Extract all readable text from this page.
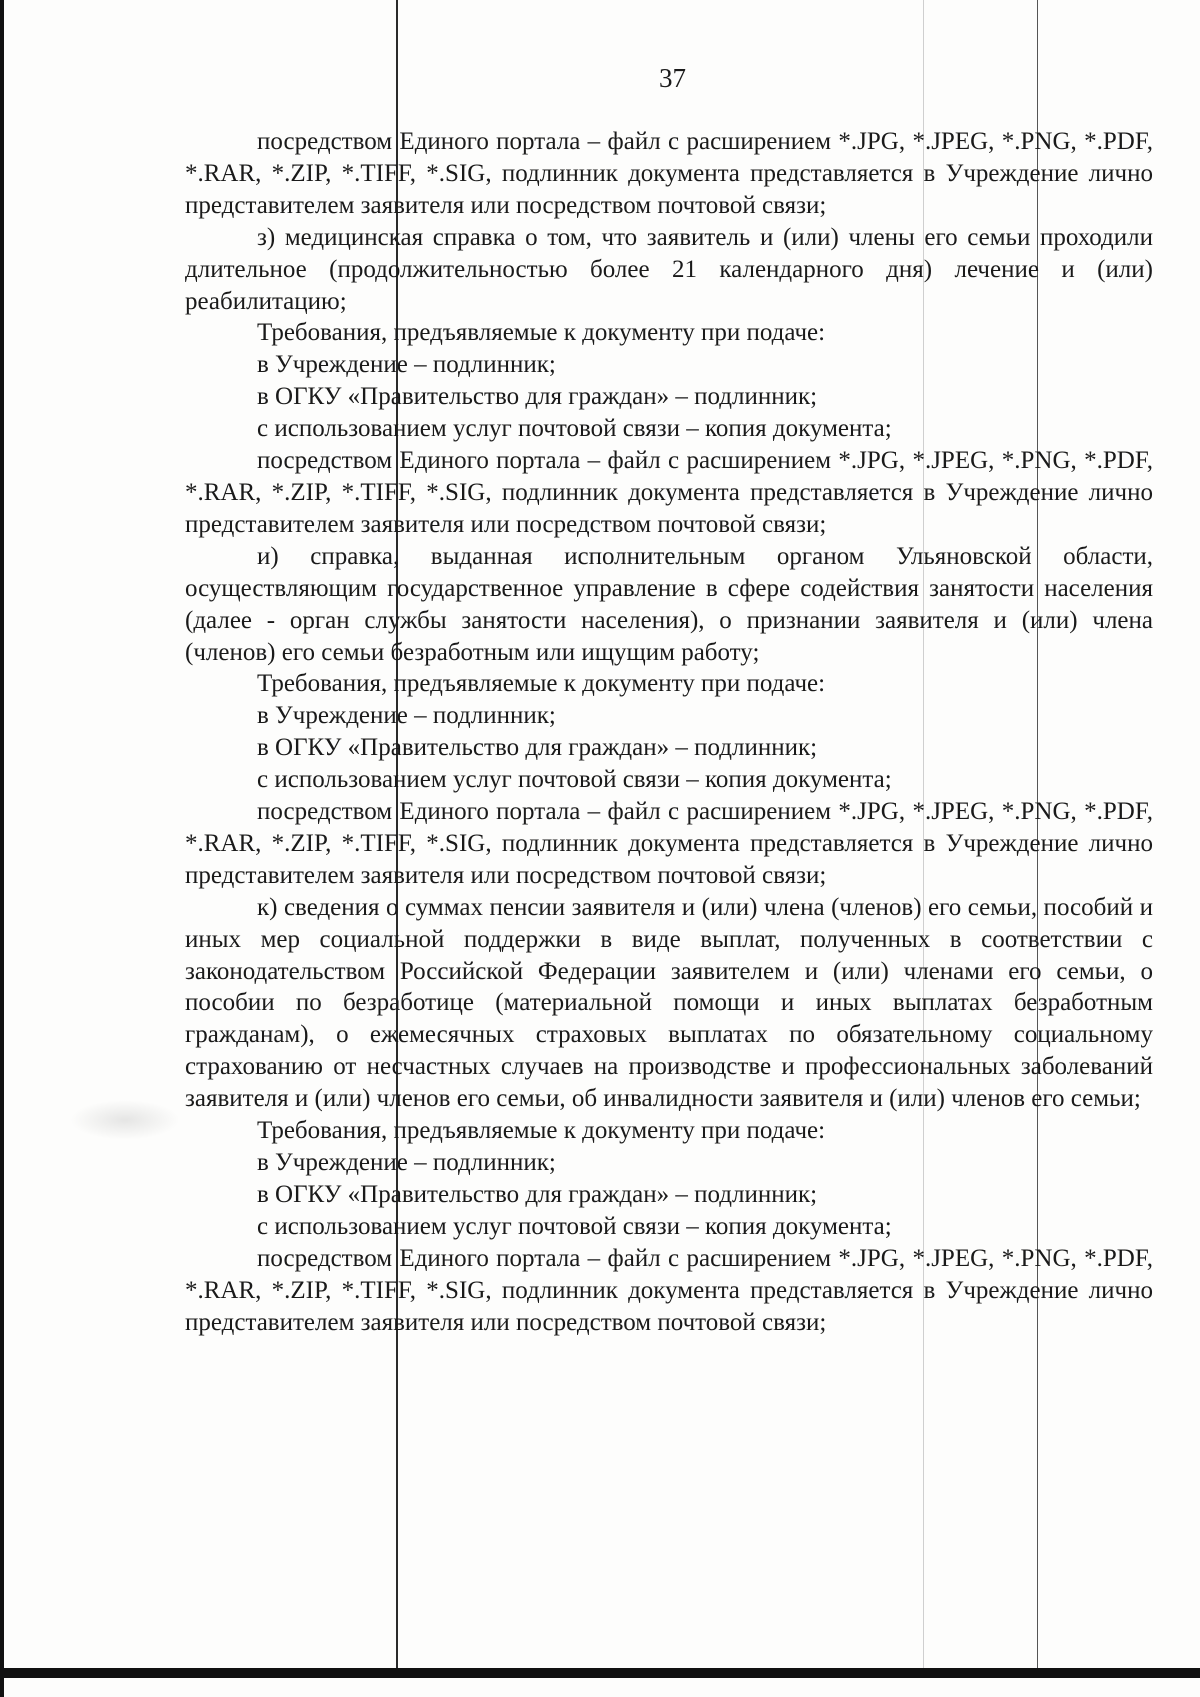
37

посредством Единого портала – файл с расширением *.JPG, *.JPEG, *.PNG, *.PDF, *.RAR, *.ZIP, *.TIFF, *.SIG, подлинник документа представляется в Учреждение лично представителем заявителя или посредством почтовой связи;

з) медицинская справка о том, что заявитель и (или) члены его семьи проходили длительное (продолжительностью более 21 календарного дня) лечение и (или) реабилитацию;

Требования, предъявляемые к документу при подаче:

в Учреждение – подлинник;

в ОГКУ «Правительство для граждан» – подлинник;

с использованием услуг почтовой связи – копия документа;

посредством Единого портала – файл с расширением *.JPG, *.JPEG, *.PNG, *.PDF, *.RAR, *.ZIP, *.TIFF, *.SIG, подлинник документа представляется в Учреждение лично представителем заявителя или посредством почтовой связи;

и) справка, выданная исполнительным органом Ульяновской области, осуществляющим государственное управление в сфере содействия занятости населения (далее - орган службы занятости населения), о признании заявителя и (или) члена (членов) его семьи безработным или ищущим работу;

Требования, предъявляемые к документу при подаче:

в Учреждение – подлинник;

в ОГКУ «Правительство для граждан» – подлинник;

с использованием услуг почтовой связи – копия документа;

посредством Единого портала – файл с расширением *.JPG, *.JPEG, *.PNG, *.PDF, *.RAR, *.ZIP, *.TIFF, *.SIG, подлинник документа представляется в Учреждение лично представителем заявителя или посредством почтовой связи;

к) сведения о суммах пенсии заявителя и (или) члена (членов) его семьи, пособий и иных мер социальной поддержки в виде выплат, полученных в соответствии с законодательством Российской Федерации заявителем и (или) членами его семьи, о пособии по безработице (материальной помощи и иных выплатах безработным гражданам), о ежемесячных страховых выплатах по обязательному социальному страхованию от несчастных случаев на производстве и профессиональных заболеваний заявителя и (или) членов его семьи, об инвалидности заявителя и (или) членов его семьи;

Требования, предъявляемые к документу при подаче:

в Учреждение – подлинник;

в ОГКУ «Правительство для граждан» – подлинник;

с использованием услуг почтовой связи – копия документа;

посредством Единого портала – файл с расширением *.JPG, *.JPEG, *.PNG, *.PDF, *.RAR, *.ZIP, *.TIFF, *.SIG, подлинник документа представляется в Учреждение лично представителем заявителя или посредством почтовой связи;
